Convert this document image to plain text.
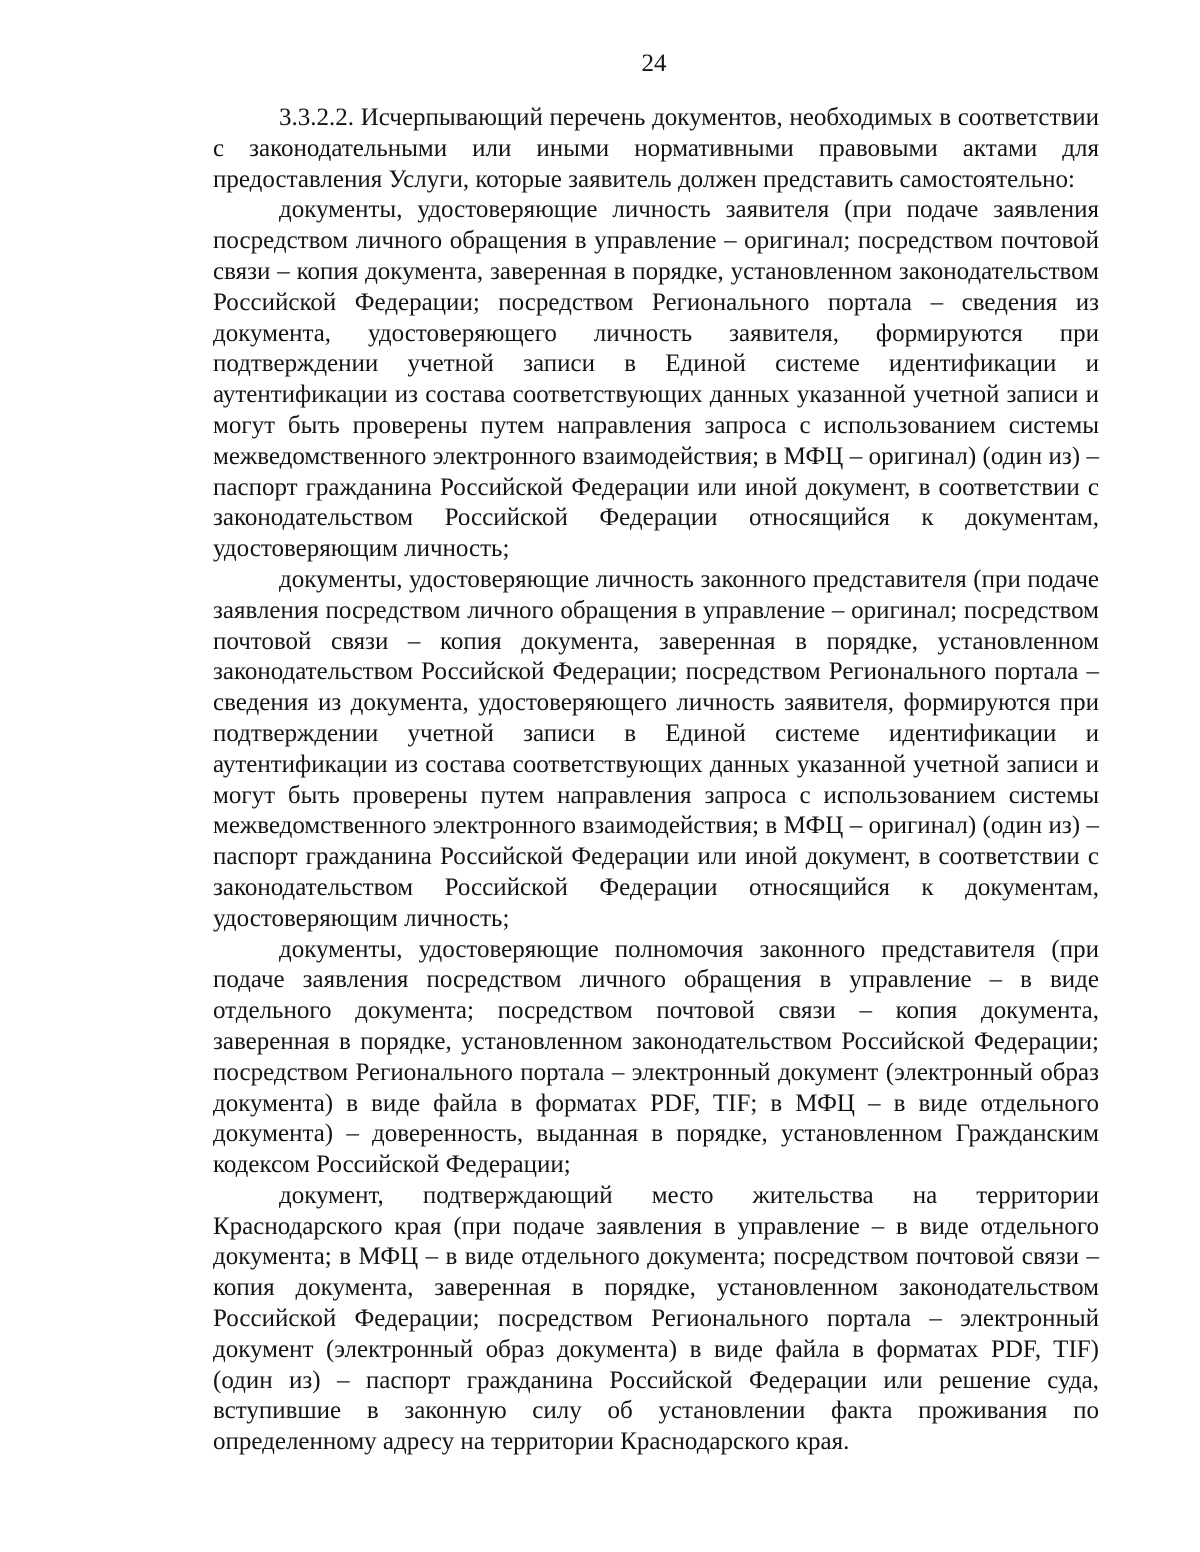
24

3.3.2.2. Исчерпывающий перечень документов, необходимых в соответствии с законодательными или иными нормативными правовыми актами для предоставления Услуги, которые заявитель должен представить самостоятельно:

документы, удостоверяющие личность заявителя (при подаче заявления посредством личного обращения в управление – оригинал; посредством почтовой связи – копия документа, заверенная в порядке, установленном законодательством Российской Федерации; посредством Регионального портала – сведения из документа, удостоверяющего личность заявителя, формируются при подтверждении учетной записи в Единой системе идентификации и аутентификации из состава соответствующих данных указанной учетной записи и могут быть проверены путем направления запроса с использованием системы межведомственного электронного взаимодействия; в МФЦ – оригинал) (один из) – паспорт гражданина Российской Федерации или иной документ, в соответствии с законодательством Российской Федерации относящийся к документам, удостоверяющим личность;

документы, удостоверяющие личность законного представителя (при подаче заявления посредством личного обращения в управление – оригинал; посредством почтовой связи – копия документа, заверенная в порядке, установленном законодательством Российской Федерации; посредством Регионального портала – сведения из документа, удостоверяющего личность заявителя, формируются при подтверждении учетной записи в Единой системе идентификации и аутентификации из состава соответствующих данных указанной учетной записи и могут быть проверены путем направления запроса с использованием системы межведомственного электронного взаимодействия; в МФЦ – оригинал) (один из) – паспорт гражданина Российской Федерации или иной документ, в соответствии с законодательством Российской Федерации относящийся к документам, удостоверяющим личность;

документы, удостоверяющие полномочия законного представителя (при подаче заявления посредством личного обращения в управление – в виде отдельного документа; посредством почтовой связи – копия документа, заверенная в порядке, установленном законодательством Российской Федерации; посредством Регионального портала – электронный документ (электронный образ документа) в виде файла в форматах PDF, TIF; в МФЦ – в виде отдельного документа) – доверенность, выданная в порядке, установленном Гражданским кодексом Российской Федерации;

документ, подтверждающий место жительства на территории Краснодарского края (при подаче заявления в управление – в виде отдельного документа; в МФЦ – в виде отдельного документа; посредством почтовой связи – копия документа, заверенная в порядке, установленном законодательством Российской Федерации; посредством Регионального портала – электронный документ (электронный образ документа) в виде файла в форматах PDF, TIF) (один из) – паспорт гражданина Российской Федерации или решение суда, вступившие в законную силу об установлении факта проживания по определенному адресу на территории Краснодарского края.
